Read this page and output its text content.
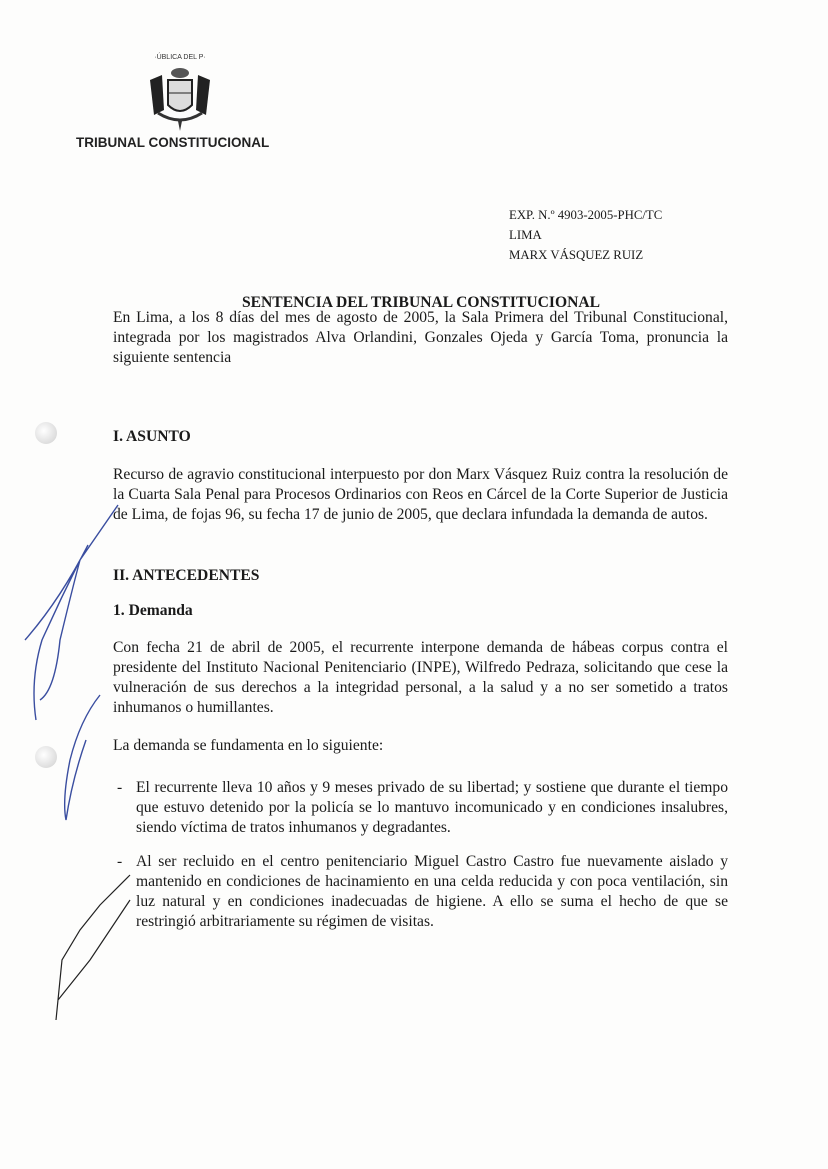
·ÚBLICA DEL P·
TRIBUNAL CONSTITUCIONAL
EXP. N.º 4903-2005-PHC/TC
LIMA
MARX VÁSQUEZ RUIZ
SENTENCIA DEL TRIBUNAL CONSTITUCIONAL
En Lima, a los 8 días del mes de agosto de 2005, la Sala Primera del Tribunal Constitucional, integrada por los magistrados Alva Orlandini, Gonzales Ojeda y García Toma, pronuncia la siguiente sentencia
I. ASUNTO
Recurso de agravio constitucional interpuesto por don Marx Vásquez Ruiz contra la resolución de la Cuarta Sala Penal para Procesos Ordinarios con Reos en Cárcel de la Corte Superior de Justicia de Lima, de fojas 96, su fecha 17 de junio de 2005, que declara infundada la demanda de autos.
II. ANTECEDENTES
1. Demanda
Con fecha 21 de abril de 2005, el recurrente interpone demanda de hábeas corpus contra el presidente del Instituto Nacional Penitenciario (INPE), Wilfredo Pedraza, solicitando que cese la vulneración de sus derechos a la integridad personal, a la salud y a no ser sometido a tratos inhumanos o humillantes.
La demanda se fundamenta en lo siguiente:
- El recurrente lleva 10 años y 9 meses privado de su libertad; y sostiene que durante el tiempo que estuvo detenido por la policía se lo mantuvo incomunicado y en condiciones insalubres, siendo víctima de tratos inhumanos y degradantes.
- Al ser recluido en el centro penitenciario Miguel Castro Castro fue nuevamente aislado y mantenido en condiciones de hacinamiento en una celda reducida y con poca ventilación, sin luz natural y en condiciones inadecuadas de higiene. A ello se suma el hecho de que se restringió arbitrariamente su régimen de visitas.
